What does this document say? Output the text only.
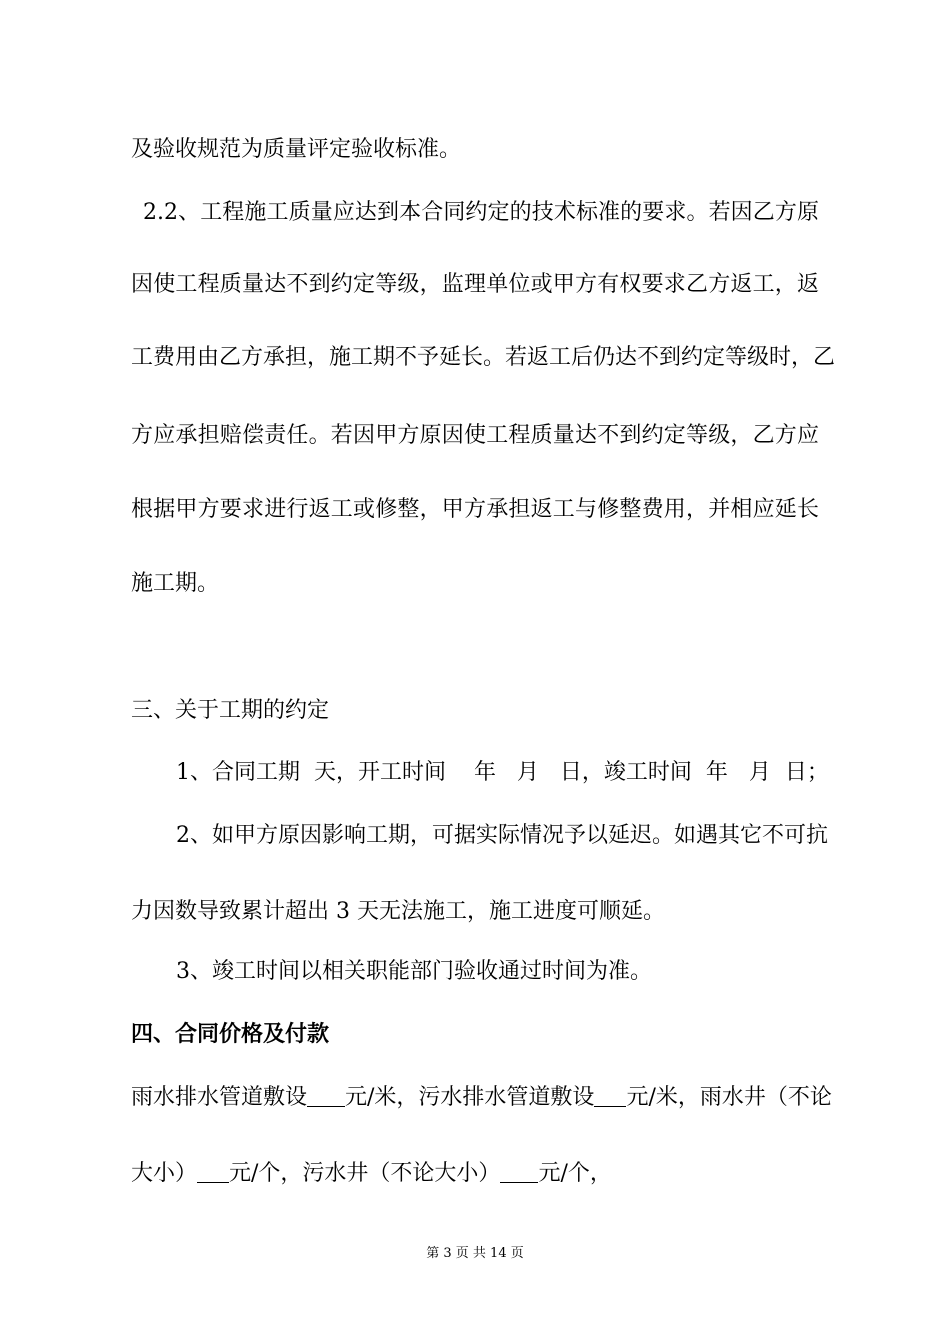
及验收规范为质量评定验收标准。

2.2、工程施工质量应达到本合同约定的技术标准的要求。若因乙方原

因使工程质量达不到约定等级，监理单位或甲方有权要求乙方返工，返

工费用由乙方承担，施工期不予延长。若返工后仍达不到约定等级时，乙

方应承担赔偿责任。若因甲方原因使工程质量达不到约定等级，乙方应

根据甲方要求进行返工或修整，甲方承担返工与修整费用，并相应延长

施工期。

三、关于工期的约定

1、合同工期  天，开工时间    年   月   日，竣工时间  年   月  日；

2、如甲方原因影响工期，可据实际情况予以延迟。如遇其它不可抗

力因数导致累计超出 3 天无法施工，施工进度可顺延。

3、竣工时间以相关职能部门验收通过时间为准。

四、合同价格及付款

雨水排水管道敷设 元/米，污水排水管道敷设 元/米，雨水井（不论

大小） 元/个，污水井（不论大小） 元/个，

第 3 页 共 14 页
